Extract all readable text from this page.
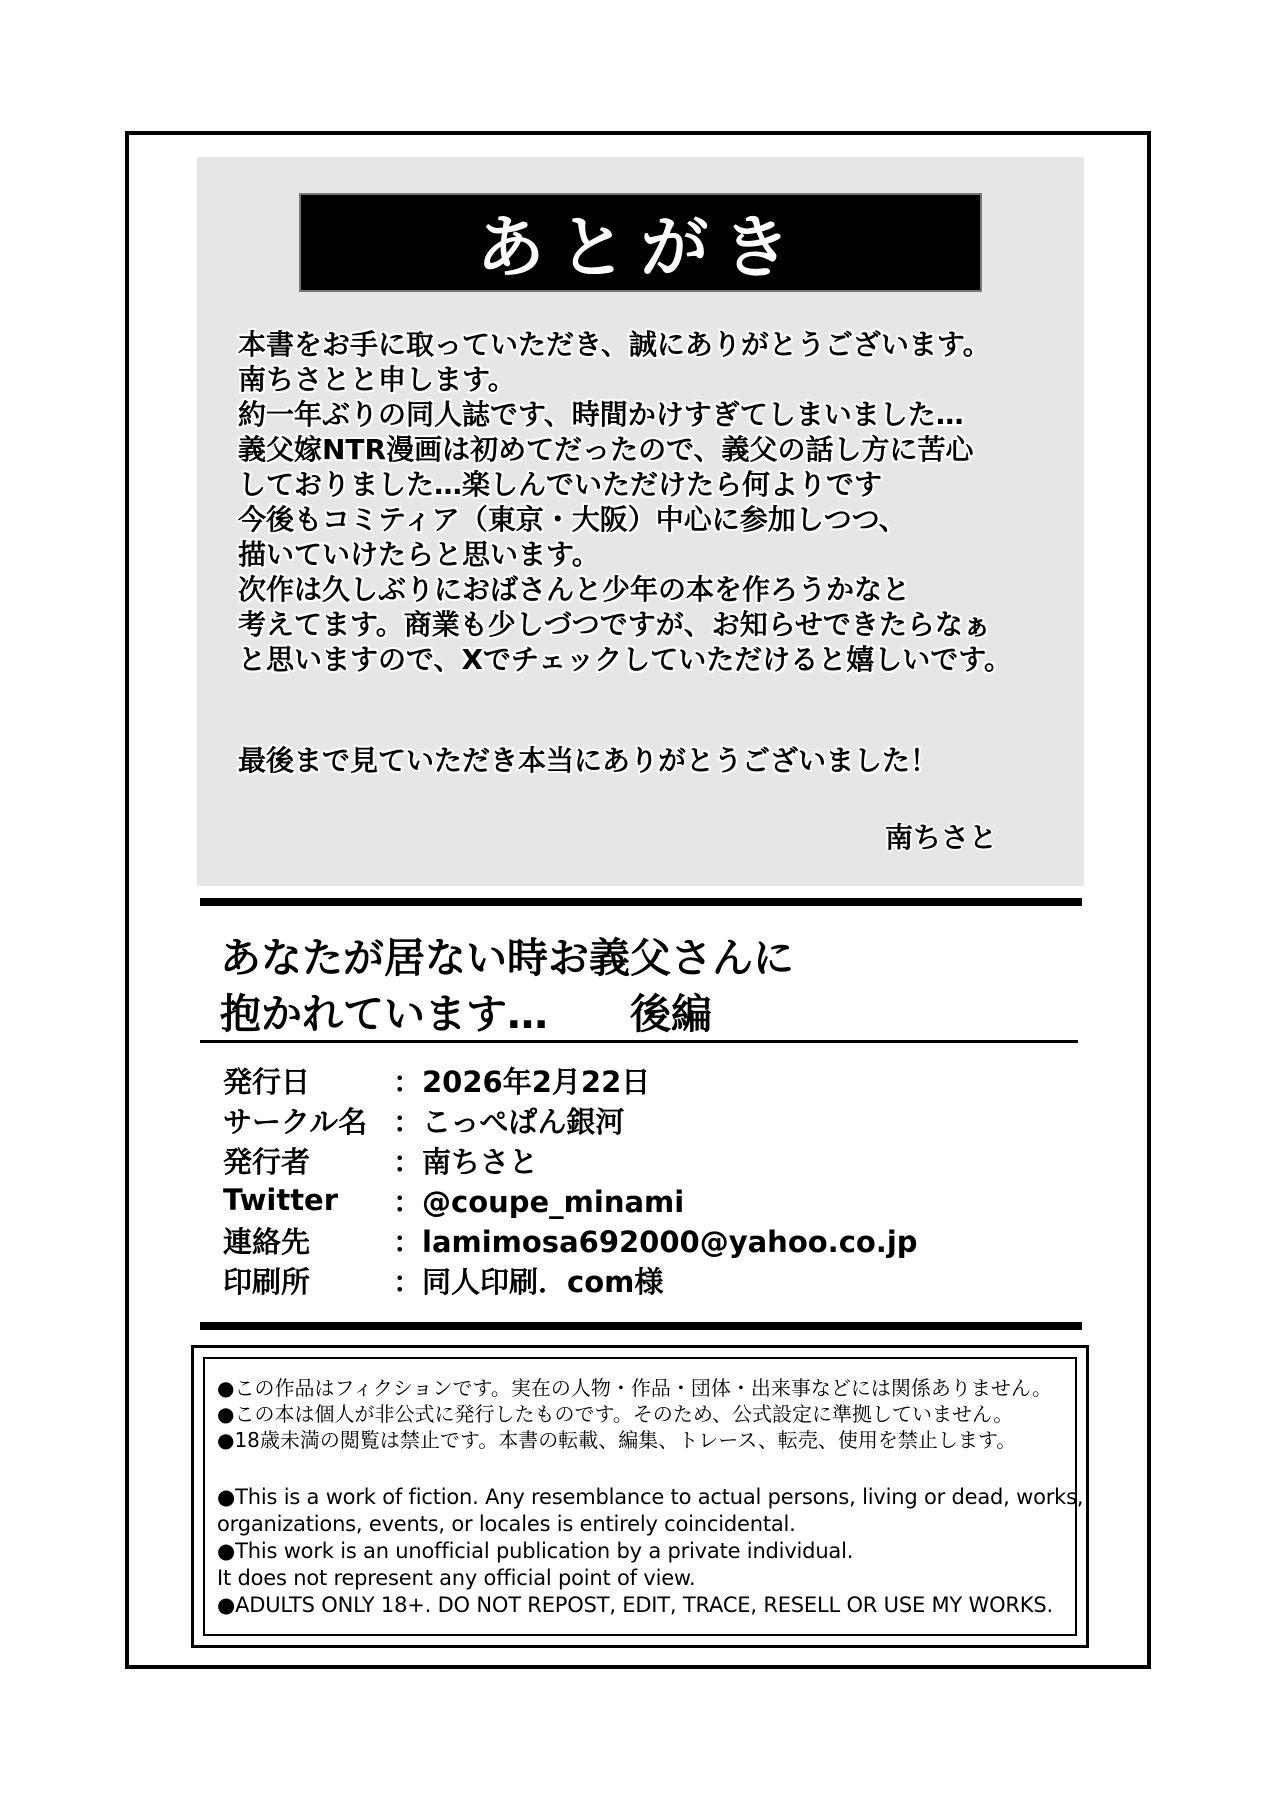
あとがき
本書をお手に取っていただき、誠にありがとうございます。
南ちさとと申します。
約一年ぶりの同人誌です、時間かけすぎてしまいました…
義父嫁NTR漫画は初めてだったので、義父の話し方に苦心
しておりました…楽しんでいただけたら何よりです
今後もコミティア（東京・大阪）中心に参加しつつ、
描いていけたらと思います。
次作は久しぶりにおばさんと少年の本を作ろうかなと
考えてます。商業も少しづつですが、お知らせできたらなぁ
と思いますので、Xでチェックしていただけると嬉しいです。
最後まで見ていただき本当にありがとうございました！
南ちさと
あなたが居ない時お義父さんに
抱かれています… 後編
発行日	：2026年2月22日
サークル名 ：こっぺぱん銀河
発行者	：南ちさと
Twitter	：@coupe_minami
連絡先	：lamimosa692000@yahoo.co.jp
印刷所	：同人印刷．com様
●この作品はフィクションです。実在の人物・作品・団体・出来事などには関係ありません。
●この本は個人が非公式に発行したものです。そのため、公式設定に準拠していません。
●18歳未満の閲覧は禁止です。本書の転載、編集、トレース、転売、使用を禁止します。
●This is a work of fiction. Any resemblance to actual persons, living or dead, works,
organizations, events, or locales is entirely coincidental.
●This work is an unofficial publication by a private individual.
It does not represent any official point of view.
●ADULTS ONLY 18+. DO NOT REPOST, EDIT, TRACE, RESELL OR USE MY WORKS.
